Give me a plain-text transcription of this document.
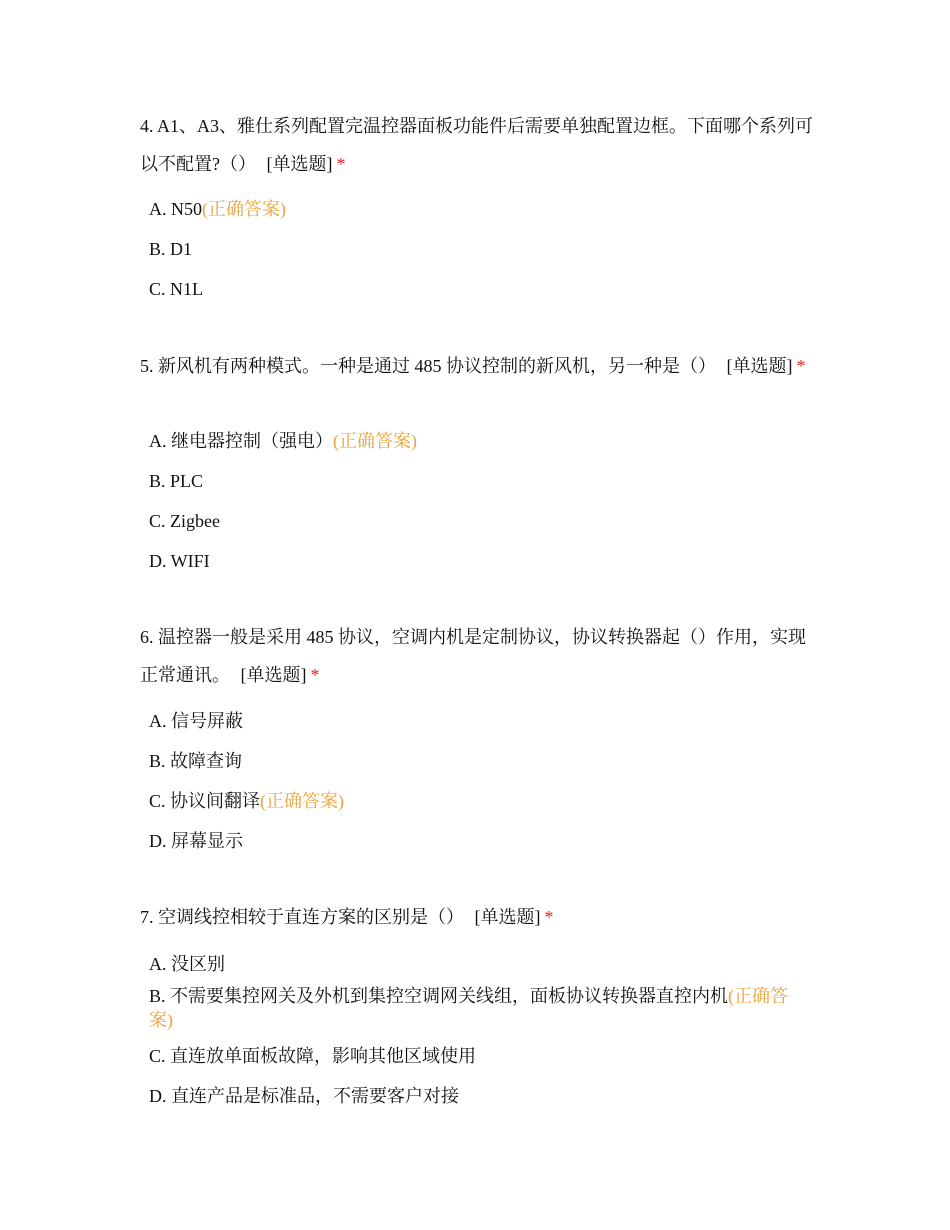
4. A1、A3、雅仕系列配置完温控器面板功能件后需要单独配置边框。下面哪个系列可以不配置?（） [单选题] *

A. N50(正确答案)
B. D1
C. N1L

5. 新风机有两种模式。一种是通过 485 协议控制的新风机，另一种是（） [单选题] *

A. 继电器控制（强电）(正确答案)
B. PLC
C. Zigbee
D. WIFI

6. 温控器一般是采用 485 协议，空调内机是定制协议，协议转换器起（）作用，实现正常通讯。 [单选题] *

A. 信号屏蔽
B. 故障查询
C. 协议间翻译(正确答案)
D. 屏幕显示

7. 空调线控相较于直连方案的区别是（） [单选题] *

A. 没区别
B. 不需要集控网关及外机到集控空调网关线组，面板协议转换器直控内机(正确答案)
C. 直连放单面板故障，影响其他区域使用
D. 直连产品是标准品，不需要客户对接
